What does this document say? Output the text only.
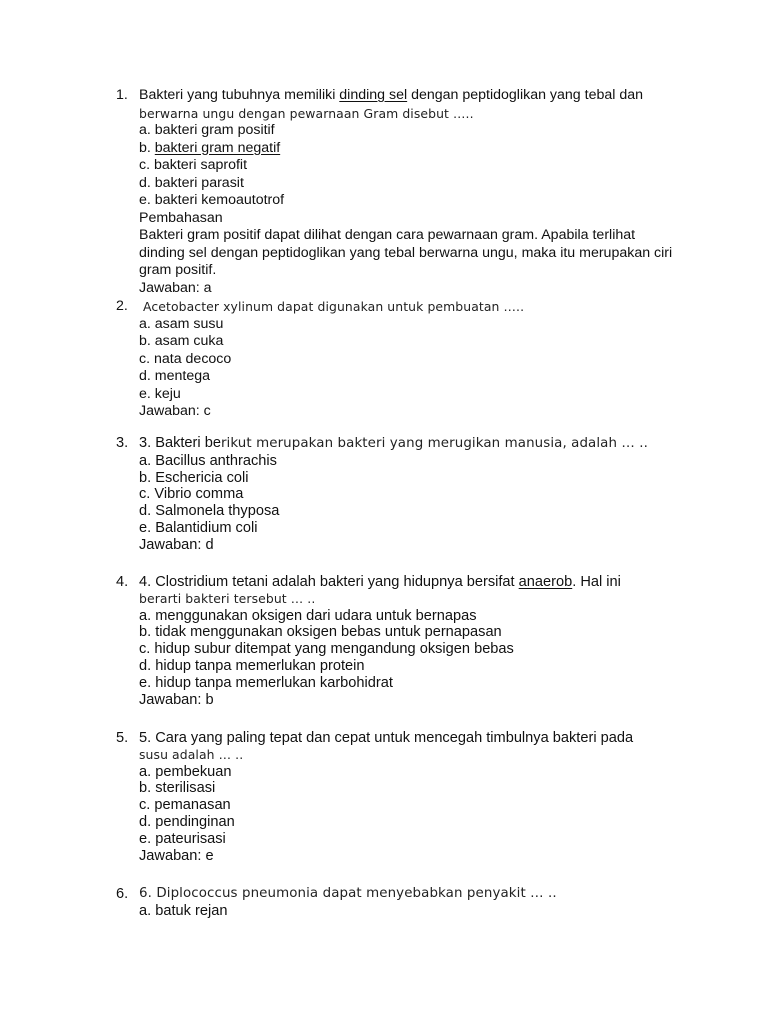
1. Bakteri yang tubuhnya memiliki dinding sel dengan peptidoglikan yang tebal dan
berwarna ungu dengan pewarnaan Gram disebut …..
a. bakteri gram positif
b. bakteri gram negatif
c. bakteri saprofit
d. bakteri parasit
e. bakteri kemoautotrof
Pembahasan
Bakteri gram positif dapat dilihat dengan cara pewarnaan gram. Apabila terlihat
dinding sel dengan peptidoglikan yang tebal berwarna ungu, maka itu merupakan ciri
gram positif.
Jawaban: a
2.	Acetobacter xylinum dapat digunakan untuk pembuatan …..
a. asam susu
b. asam cuka
c. nata decoco
d. mentega
e. keju
Jawaban: c
3. 3. Bakteri berikut merupakan bakteri yang merugikan manusia, adalah … ..
a. Bacillus anthrachis
b. Eschericia coli
c. Vibrio comma
d. Salmonela thyposa
e. Balantidium coli
Jawaban: d
4. 4. Clostridium tetani adalah bakteri yang hidupnya bersifat anaerob. Hal ini
berarti bakteri tersebut … ..
a. menggunakan oksigen dari udara untuk bernapas
b. tidak menggunakan oksigen bebas untuk pernapasan
c. hidup subur ditempat yang mengandung oksigen bebas
d. hidup tanpa memerlukan protein
e. hidup tanpa memerlukan karbohidrat
Jawaban: b
5. 5. Cara yang paling tepat dan cepat untuk mencegah timbulnya bakteri pada
susu adalah … ..
a. pembekuan
b. sterilisasi
c. pemanasan
d. pendinginan
e. pateurisasi
Jawaban: e
6. 6. Diplococcus pneumonia dapat menyebabkan penyakit … ..
a. batuk rejan
